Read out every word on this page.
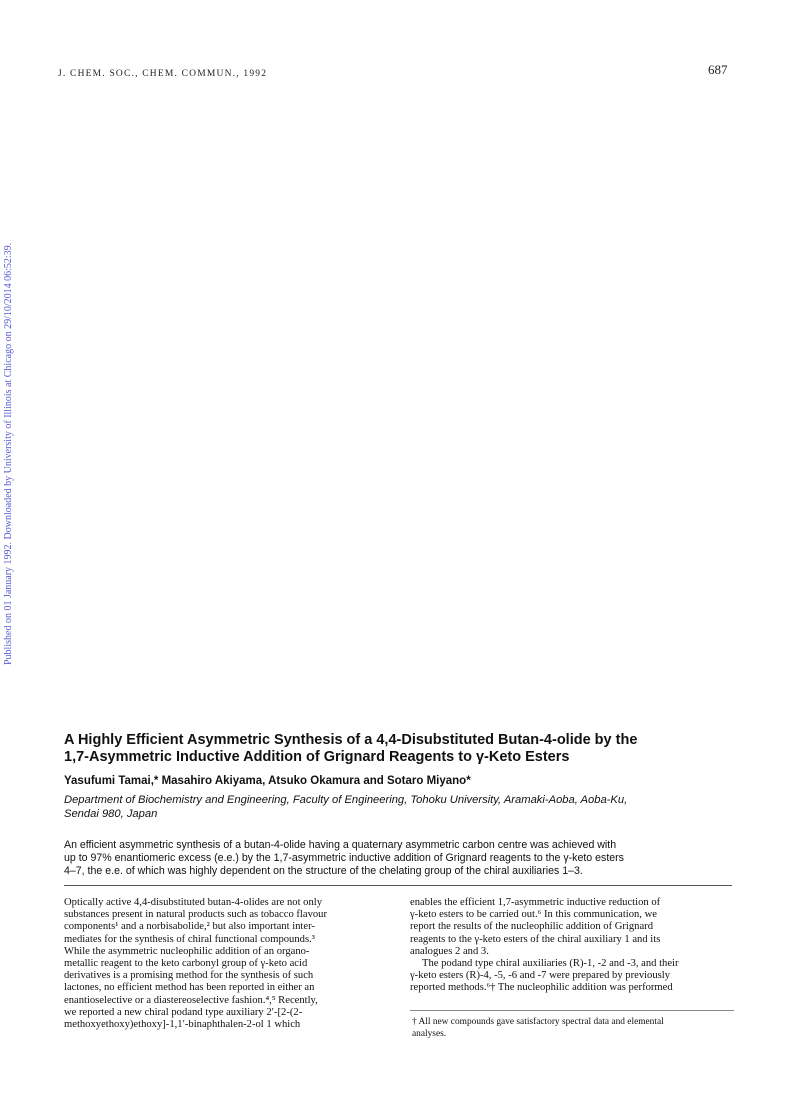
J. CHEM. SOC., CHEM. COMMUN., 1992	687
Published on 01 January 1992. Downloaded by University of Illinois at Chicago on 29/10/2014 06:52:39.
A Highly Efficient Asymmetric Synthesis of a 4,4-Disubstituted Butan-4-olide by the
1,7-Asymmetric Inductive Addition of Grignard Reagents to γ-Keto Esters
Yasufumi Tamai,* Masahiro Akiyama, Atsuko Okamura and Sotaro Miyano*
Department of Biochemistry and Engineering, Faculty of Engineering, Tohoku University, Aramaki-Aoba, Aoba-Ku,
Sendai 980, Japan
An efficient asymmetric synthesis of a butan-4-olide having a quaternary asymmetric carbon centre was achieved with
up to 97% enantiomeric excess (e.e.) by the 1,7-asymmetric inductive addition of Grignard reagents to the γ-keto esters
4–7, the e.e. of which was highly dependent on the structure of the chelating group of the chiral auxiliaries 1–3.
Optically active 4,4-disubstituted butan-4-olides are not only
substances present in natural products such as tobacco flavour
components¹ and a norbisabolide,² but also important inter-
mediates for the synthesis of chiral functional compounds.³
While the asymmetric nucleophilic addition of an organo-
metallic reagent to the keto carbonyl group of γ-keto acid
derivatives is a promising method for the synthesis of such
lactones, no efficient method has been reported in either an
enantioselective or a diastereoselective fashion.⁴,⁵ Recently,
we reported a new chiral podand type auxiliary 2′-[2-(2-
methoxyethoxy)ethoxy]-1,1′-binaphthalen-2-ol 1 which
enables the efficient 1,7-asymmetric inductive reduction of
γ-keto esters to be carried out.⁶ In this communication, we
report the results of the nucleophilic addition of Grignard
reagents to the γ-keto esters of the chiral auxiliary 1 and its
analogues 2 and 3.
The podand type chiral auxiliaries (R)-1, -2 and -3, and their
γ-keto esters (R)-4, -5, -6 and -7 were prepared by previously
reported methods.⁶† The nucleophilic addition was performed
† All new compounds gave satisfactory spectral data and elemental
analyses.
